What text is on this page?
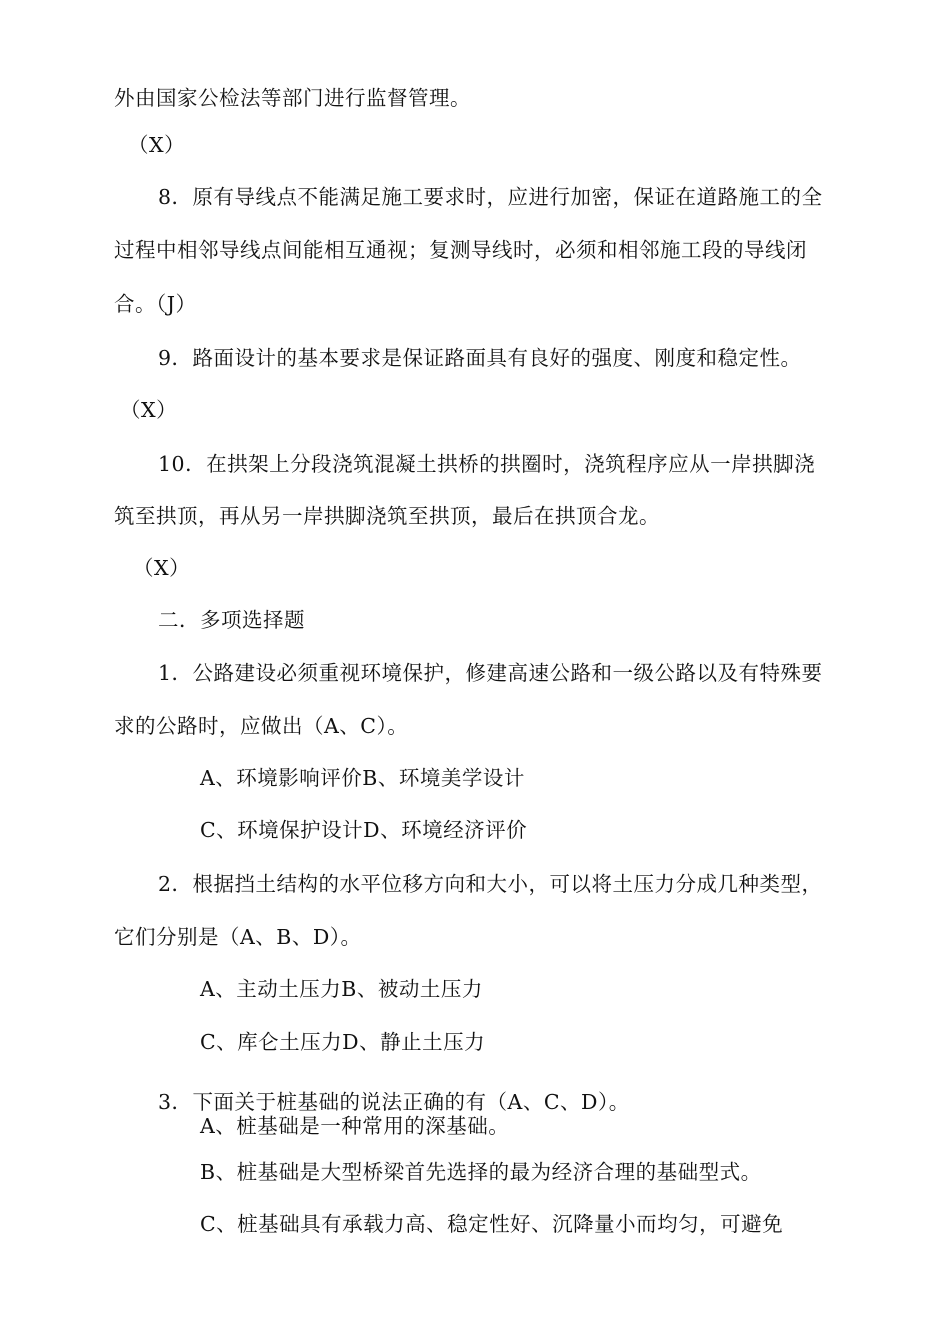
外由国家公检法等部门进行监督管理。
（X）
8．原有导线点不能满足施工要求时，应进行加密，保证在道路施工的全
过程中相邻导线点间能相互通视；复测导线时，必须和相邻施工段的导线闭
合。（J）
9．路面设计的基本要求是保证路面具有良好的强度、刚度和稳定性。
（X）
10．在拱架上分段浇筑混凝土拱桥的拱圈时，浇筑程序应从一岸拱脚浇
筑至拱顶，再从另一岸拱脚浇筑至拱顶，最后在拱顶合龙。
（X）
二．多项选择题
1．公路建设必须重视环境保护，修建高速公路和一级公路以及有特殊要
求的公路时，应做出（A、C）。
A、环境影响评价B、环境美学设计
C、环境保护设计D、环境经济评价
2．根据挡土结构的水平位移方向和大小，可以将土压力分成几种类型，
它们分别是（A、B、D）。
A、主动土压力B、被动土压力
C、库仑土压力D、静止土压力
3．下面关于桩基础的说法正确的有（A、C、D）。
A、桩基础是一种常用的深基础。
B、桩基础是大型桥梁首先选择的最为经济合理的基础型式。
C、桩基础具有承载力高、稳定性好、沉降量小而均匀，可避免
